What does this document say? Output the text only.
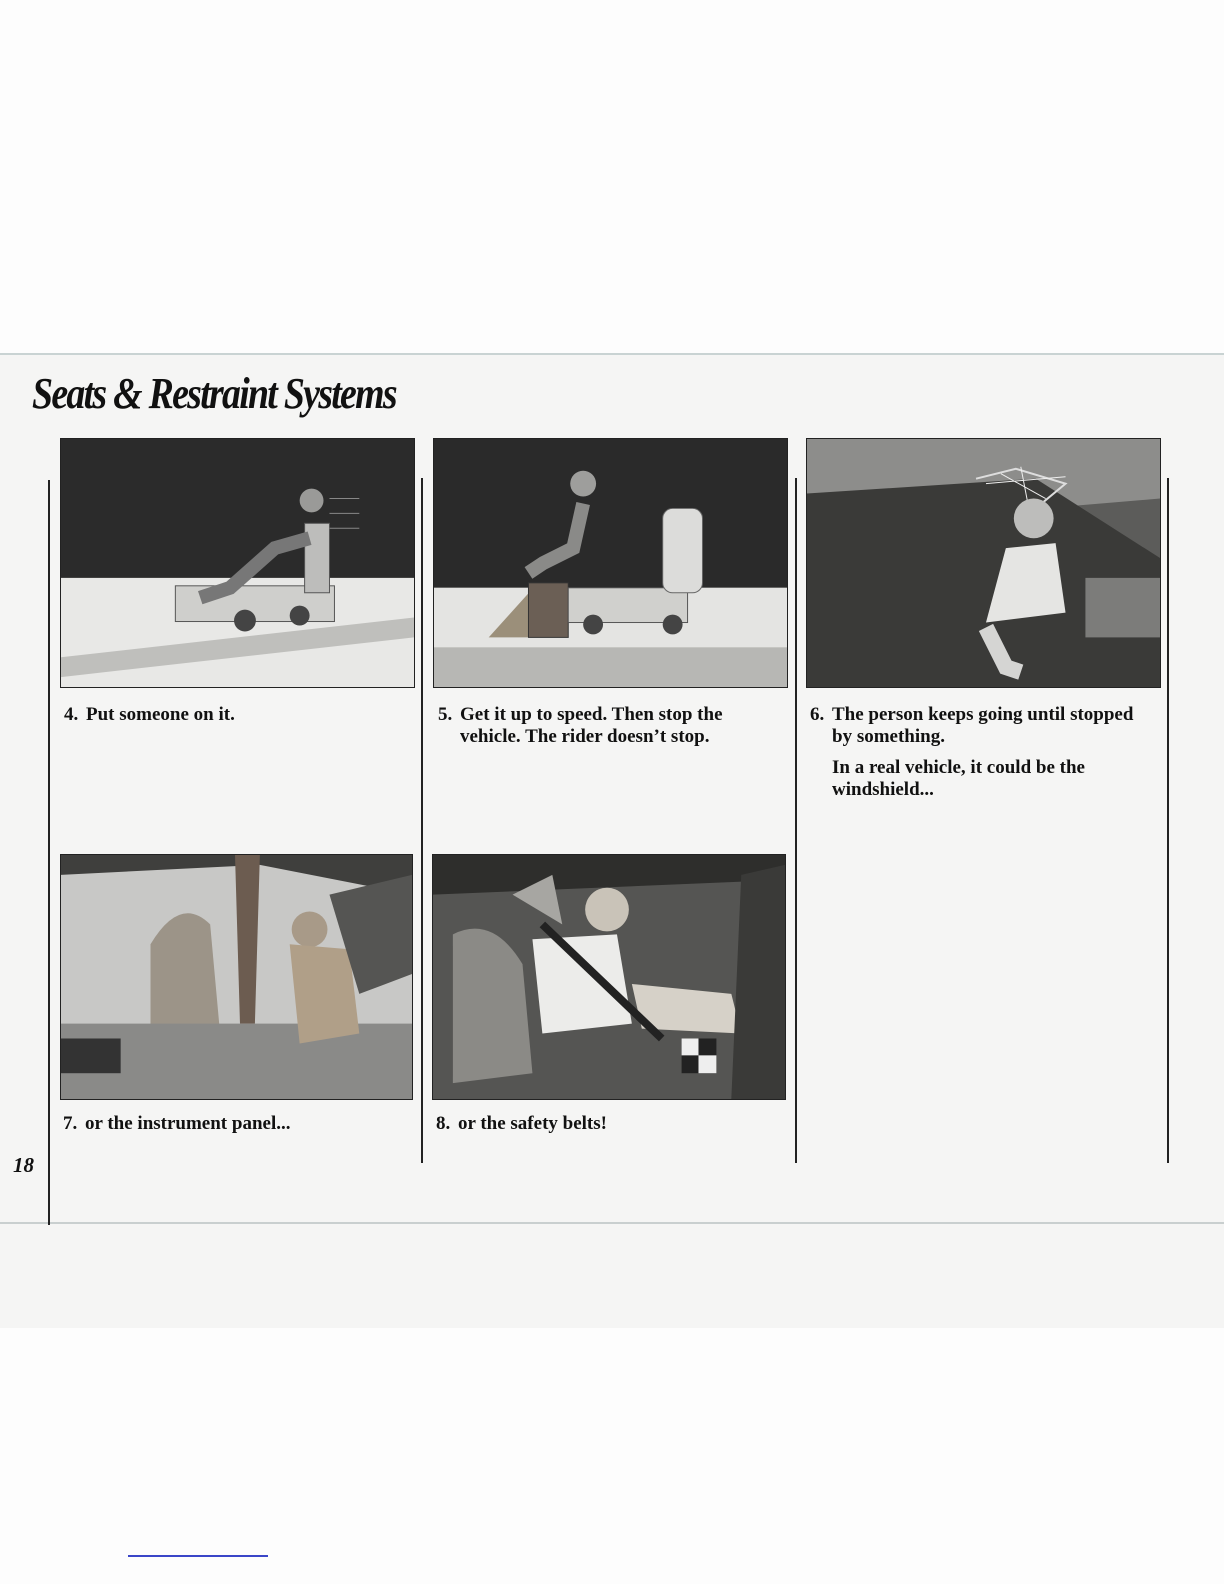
Seats & Restraint Systems
4. Put someone on it.	5. Get it up to speed. Then stop the
vehicle. The rider doesn’t stop.
6. The person keeps going until stopped
by something.
In a real vehicle, it could be the
windshield...
7. or the instrument panel...	8. or the safety belts!
18
